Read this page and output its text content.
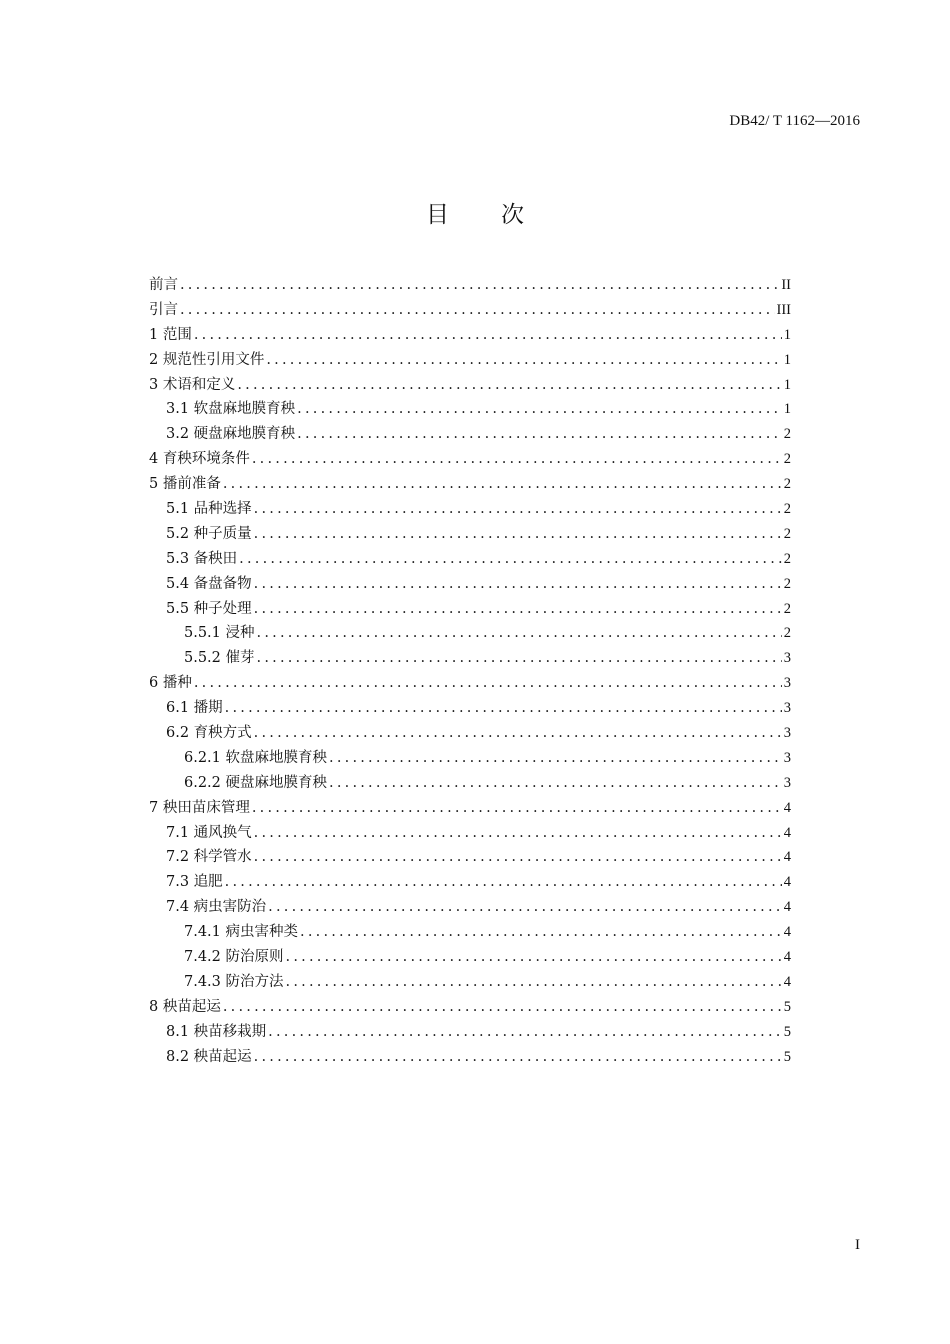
DB42/ T 1162—2016
目次
前言 .....	II
引言 .....	III
1 范围 .....	1
2 规范性引用文件 .....	1
3 术语和定义 .....	1
3.1 软盘麻地膜育秧 .....	1
3.2 硬盘麻地膜育秧 .....	2
4 育秧环境条件 .....	2
5 播前准备 .....	2
5.1 品种选择 .....	2
5.2 种子质量 .....	2
5.3 备秧田 .....	2
5.4 备盘备物 .....	2
5.5 种子处理 .....	2
5.5.1 浸种 .....	2
5.5.2 催芽 .....	3
6 播种 .....	3
6.1 播期 .....	3
6.2 育秧方式 .....	3
6.2.1 软盘麻地膜育秧 .....	3
6.2.2 硬盘麻地膜育秧 .....	3
7 秧田苗床管理 .....	4
7.1 通风换气 .....	4
7.2 科学管水 .....	4
7.3 追肥 .....	4
7.4 病虫害防治 .....	4
7.4.1 病虫害种类 .....	4
7.4.2 防治原则 .....	4
7.4.3 防治方法 .....	4
8 秧苗起运 .....	5
8.1 秧苗移栽期 .....	5
8.2 秧苗起运 .....	5
I
